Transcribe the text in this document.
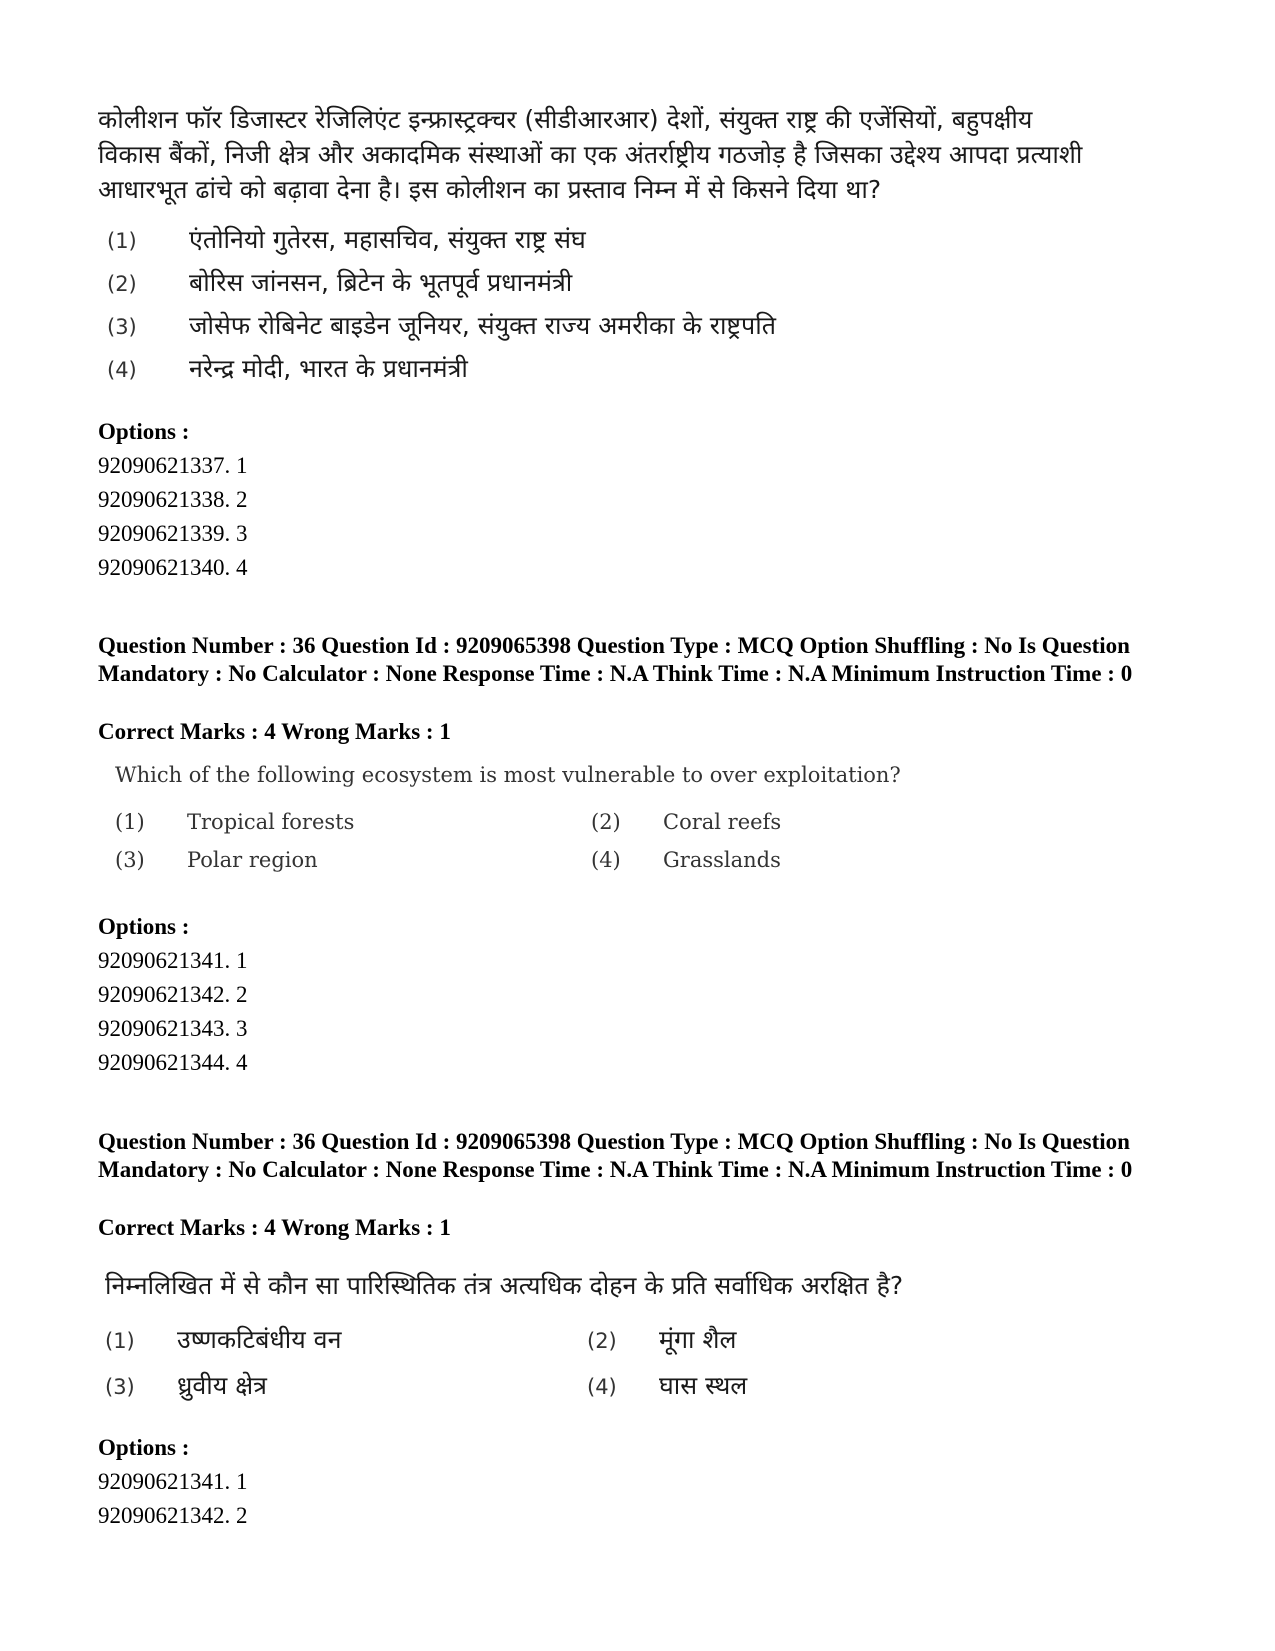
कोलीशन फॉर डिजास्टर रेजिलिएंट इन्फ्रास्ट्रक्चर (सीडीआरआर) देशों, संयुक्त राष्ट्र की एजेंसियों, बहुपक्षीय विकास बैंकों, निजी क्षेत्र और अकादमिक संस्थाओं का एक अंतर्राष्ट्रीय गठजोड़ है जिसका उद्देश्य आपदा प्रत्याशी आधारभूत ढांचे को बढ़ावा देना है। इस कोलीशन का प्रस्ताव निम्न में से किसने दिया था?
(1)	एंतोनियो गुतेरस, महासचिव, संयुक्त राष्ट्र संघ
(2)	बोरिस जांनसन, ब्रिटेन के भूतपूर्व प्रधानमंत्री
(3)	जोसेफ रोबिनेट बाइडेन जूनियर, संयुक्त राज्य अमरीका के राष्ट्रपति
(4)	नरेन्द्र मोदी, भारत के प्रधानमंत्री
Options :
92090621337. 1
92090621338. 2
92090621339. 3
92090621340. 4
Question Number : 36 Question Id : 9209065398 Question Type : MCQ Option Shuffling : No Is Question Mandatory : No Calculator : None Response Time : N.A Think Time : N.A Minimum Instruction Time : 0
Correct Marks : 4 Wrong Marks : 1
Which of the following ecosystem is most vulnerable to over exploitation?
(1)	Tropical forests	(2)	Coral reefs
(3)	Polar region	(4)	Grasslands
Options :
92090621341. 1
92090621342. 2
92090621343. 3
92090621344. 4
Question Number : 36 Question Id : 9209065398 Question Type : MCQ Option Shuffling : No Is Question Mandatory : No Calculator : None Response Time : N.A Think Time : N.A Minimum Instruction Time : 0
Correct Marks : 4 Wrong Marks : 1
निम्नलिखित में से कौन सा पारिस्थितिक तंत्र अत्यधिक दोहन के प्रति सर्वाधिक अरक्षित है?
(1)	उष्णकटिबंधीय वन	(2)	मूंगा शैल
(3)	ध्रुवीय क्षेत्र	(4)	घास स्थल
Options :
92090621341. 1
92090621342. 2
